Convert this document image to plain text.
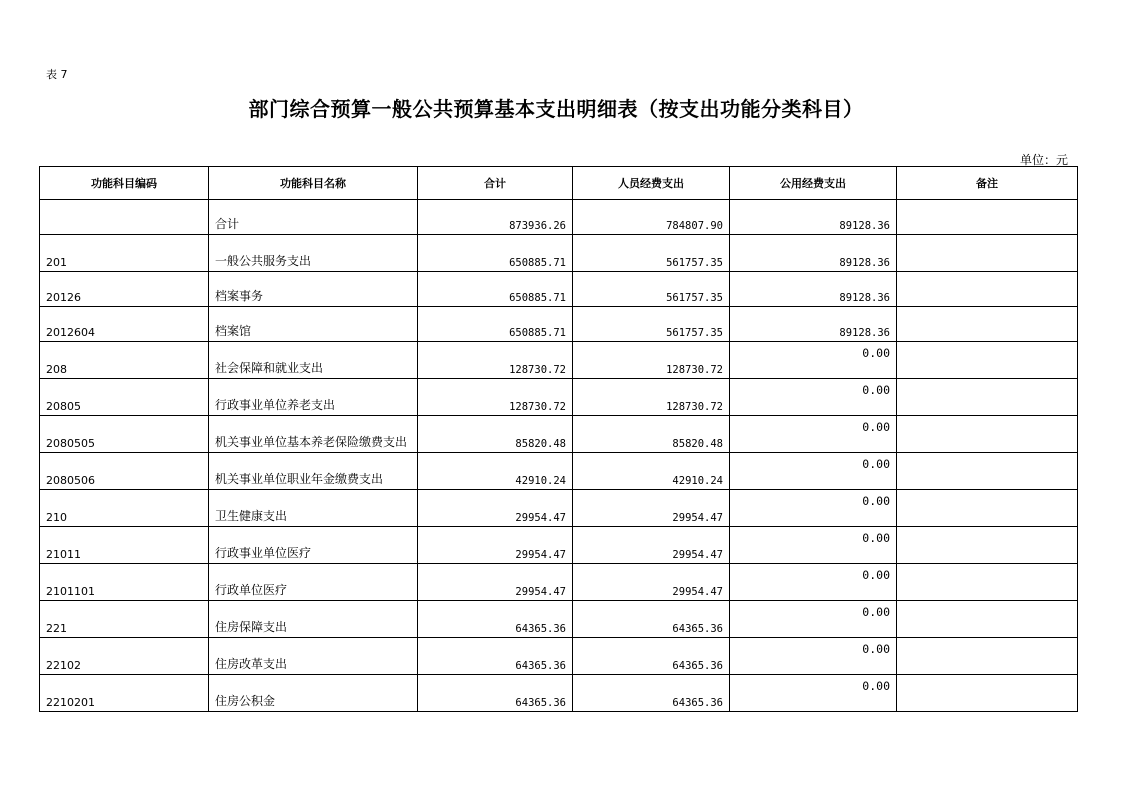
表 7
部门综合预算一般公共预算基本支出明细表（按支出功能分类科目）
单位：元
功能科目编码	功能科目名称	合计	人员经费支出	公用经费支出	备注
	合计	873936.26	784807.90	89128.36	
201	一般公共服务支出	650885.71	561757.35	89128.36	
20126	档案事务	650885.71	561757.35	89128.36	
2012604	档案馆	650885.71	561757.35	89128.36	
208	社会保障和就业支出	128730.72	128730.72	0.00	
20805	行政事业单位养老支出	128730.72	128730.72	0.00	
2080505	机关事业单位基本养老保险缴费支出	85820.48	85820.48	0.00	
2080506	机关事业单位职业年金缴费支出	42910.24	42910.24	0.00	
210	卫生健康支出	29954.47	29954.47	0.00	
21011	行政事业单位医疗	29954.47	29954.47	0.00	
2101101	行政单位医疗	29954.47	29954.47	0.00	
221	住房保障支出	64365.36	64365.36	0.00	
22102	住房改革支出	64365.36	64365.36	0.00	
2210201	住房公积金	64365.36	64365.36	0.00	
